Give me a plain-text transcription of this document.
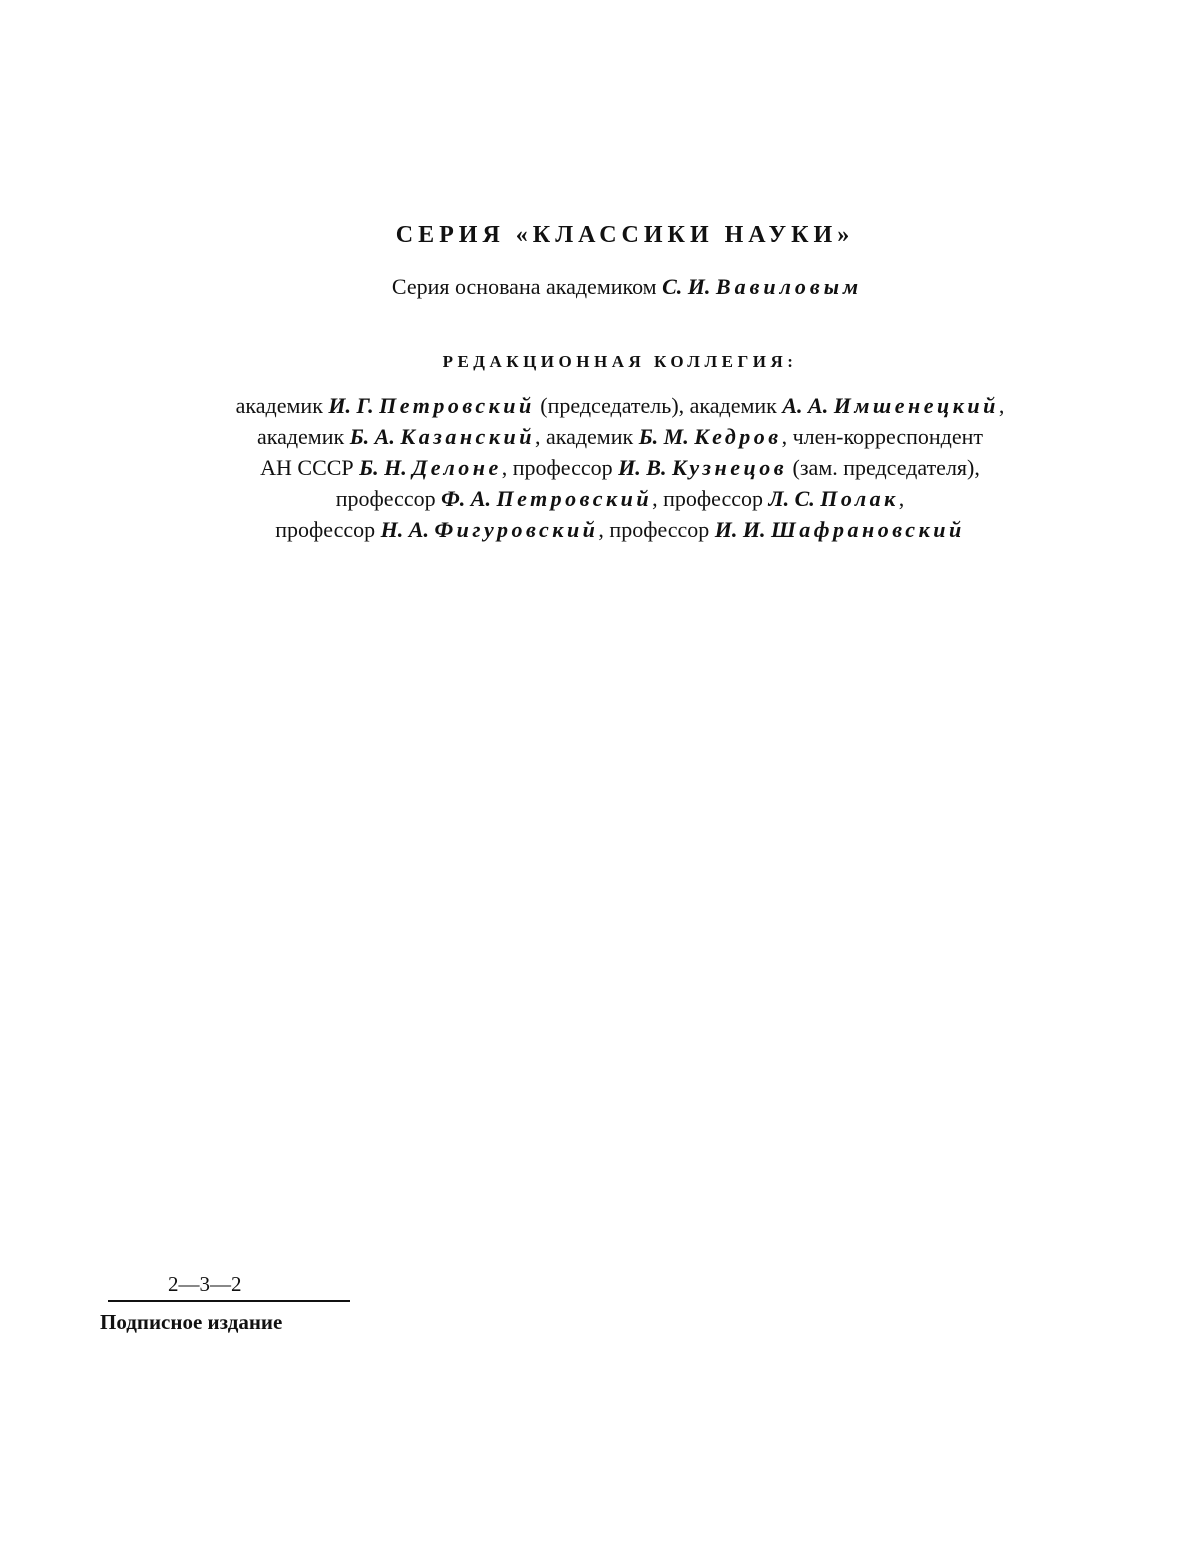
СЕРИЯ «КЛАССИКИ НАУКИ»

Серия основана академиком С. И. Вавиловым

РЕДАКЦИОННАЯ КОЛЛЕГИЯ:

академик И. Г. Петровский (председатель), академик А. А. Имшенецкий,
академик Б. А. Казанский, академик Б. М. Кедров, член-корреспондент
АН СССР Б. Н. Делоне, профессор И. В. Кузнецов (зам. председателя),
профессор Ф. А. Петровский, профессор Л. С. Полак,
профессор Н. А. Фигуровский, профессор И. И. Шафрановский

2—3—2

Подписное издание
